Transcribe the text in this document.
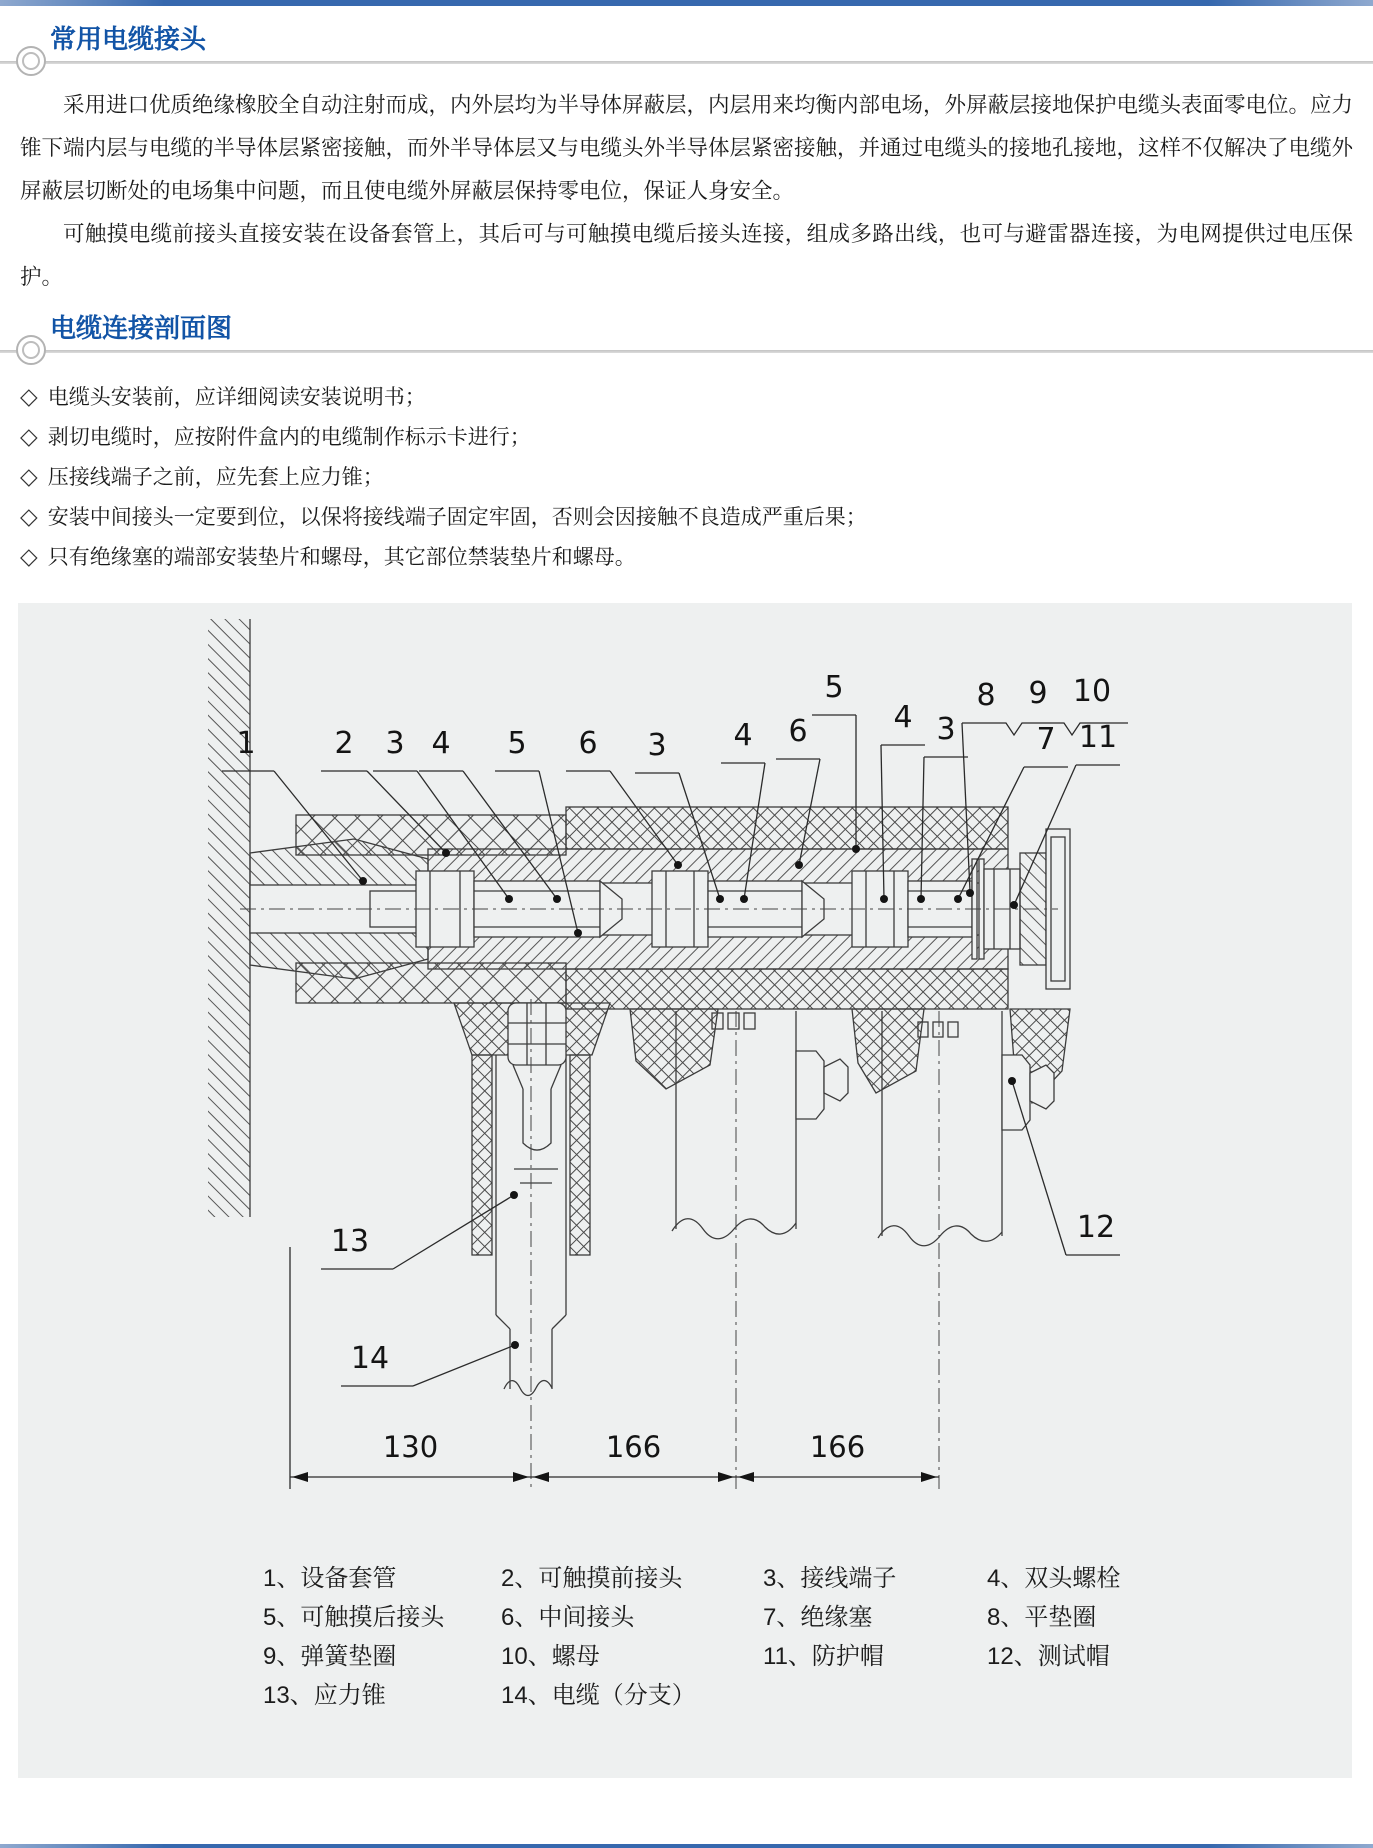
常用电缆接头

采用进口优质绝缘橡胶全自动注射而成，内外层均为半导体屏蔽层，内层用来均衡内部电场，外屏蔽层接地保护电缆头表面零电位。应力锥下端内层与电缆的半导体层紧密接触，而外半导体层又与电缆头外半导体层紧密接触，并通过电缆头的接地孔接地，这样不仅解决了电缆外屏蔽层切断处的电场集中问题，而且使电缆外屏蔽层保持零电位，保证人身安全。

可触摸电缆前接头直接安装在设备套管上，其后可与可触摸电缆后接头连接，组成多路出线，也可与避雷器连接，为电网提供过电压保护。

电缆连接剖面图
◇ 电缆头安装前，应详细阅读安装说明书；
◇ 剥切电缆时，应按附件盒内的电缆制作标示卡进行；
◇ 压接线端子之前，应先套上应力锥；
◇ 安装中间接头一定要到位，以保将接线端子固定牢固，否则会因接触不良造成严重后果；
◇ 只有绝缘塞的端部安装垫片和螺母，其它部位禁装垫片和螺母。
1	2 3 4 5 6 3 4 6
5
4 3
8 9 10
7 11
13
14
12
130	166	166
1、设备套管	2、可触摸前接头	3、接线端子	4、双头螺栓
5、可触摸后接头	6、中间接头	7、绝缘塞	8、平垫圈
9、弹簧垫圈	10、螺母	11、防护帽	12、测试帽
13、应力锥	14、电缆（分支）
